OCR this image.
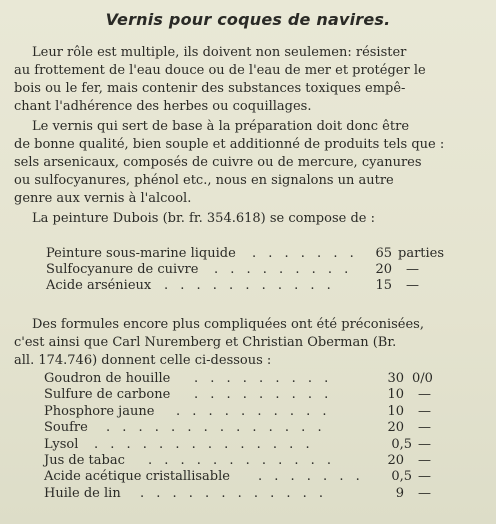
Vernis pour coques de navires.
Leur rôle est multiple, ils doivent non seulemen: résister
au frottement de l'eau douce ou de l'eau de mer et protéger le
bois ou le fer, mais contenir des substances toxiques empê-
chant l'adhérence des herbes ou coquillages.
Le vernis qui sert de base à la préparation doit donc être
de bonne qualité, bien souple et additionné de produits tels que :
sels arsenicaux, composés de cuivre ou de mercure, cyanures
ou sulfocyanures, phénol etc., nous en signalons un autre
genre aux vernis à l'alcool.
La peinture Dubois (br. fr. 354.618) se compose de :
Peinture sous-marine liquide . . . . . . .	65 parties
Sulfocyanure de cuivre . . . . . . . . .	20 —
Acide arsénieux . . . . . . . . . . .	15 —
Des formules encore plus compliquées ont été préconisées,
c'est ainsi que Carl Nuremberg et Christian Oberman (Br.
all. 174.746) donnent celle ci-dessous :
Goudron de houille . . . . . . . . .	30 0/0
Sulfure de carbone . . . . . . . . .	10 —
Phosphore jaune . . . . . . . . . .	10 —
Soufre . . . . . . . . . . . . . .	20 —
Lysol . . . . . . . . . . . . . .	0,5 —
Jus de tabac . . . . . . . . . . . .	20 —
Acide acétique cristallisable . . . . . . .	0,5 —
Huile de lin . . . . . . . . . . . .	9 —
